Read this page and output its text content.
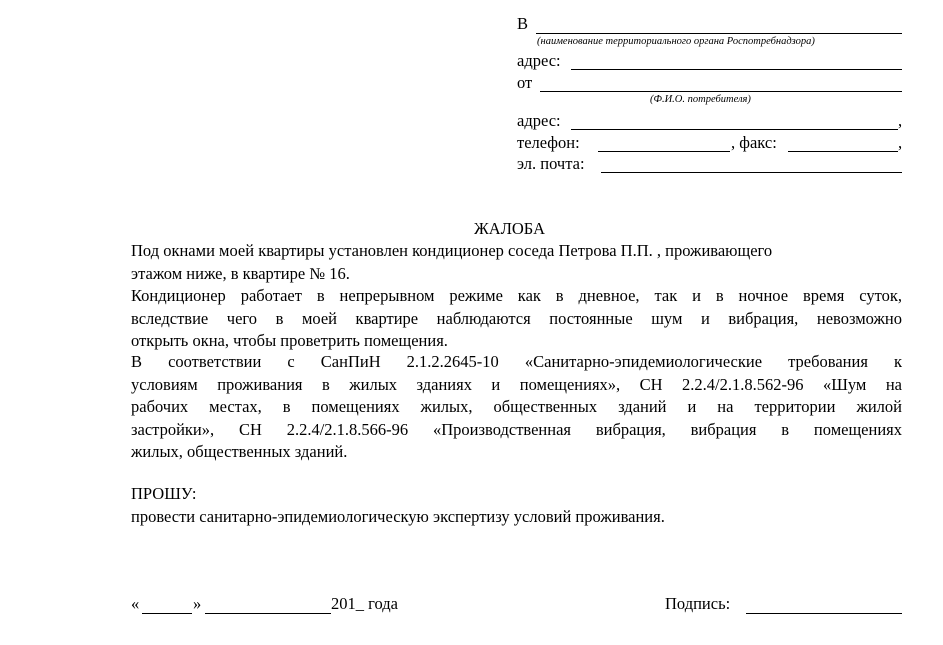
В
(наименование территориального органа Роспотребнадзора)
адрес:
от
(Ф.И.О. потребителя)
адрес:	,
телефон:	, факс:	,
эл. почта:
ЖАЛОБА
Под окнами моей квартиры установлен кондиционер соседа Петрова П.П. , проживающего
этажом ниже, в квартире № 16.
Кондиционер работает в непрерывном режиме как в дневное, так и в ночное время суток,
вследствие чего в моей квартире наблюдаются постоянные шум и вибрация, невозможно
открыть окна, чтобы проветрить помещения.
В соответствии с СанПиН 2.1.2.2645-10 «Санитарно-эпидемиологические требования к
условиям проживания в жилых зданиях и помещениях», СН 2.2.4/2.1.8.562-96 «Шум на
рабочих местах, в помещениях жилых, общественных зданий и на территории жилой
застройки», СН 2.2.4/2.1.8.566-96 «Производственная вибрация, вибрация в помещениях
жилых, общественных зданий.
ПРОШУ:
провести санитарно-эпидемиологическую экспертизу условий проживания.
«	»	201_ года	Подпись:
